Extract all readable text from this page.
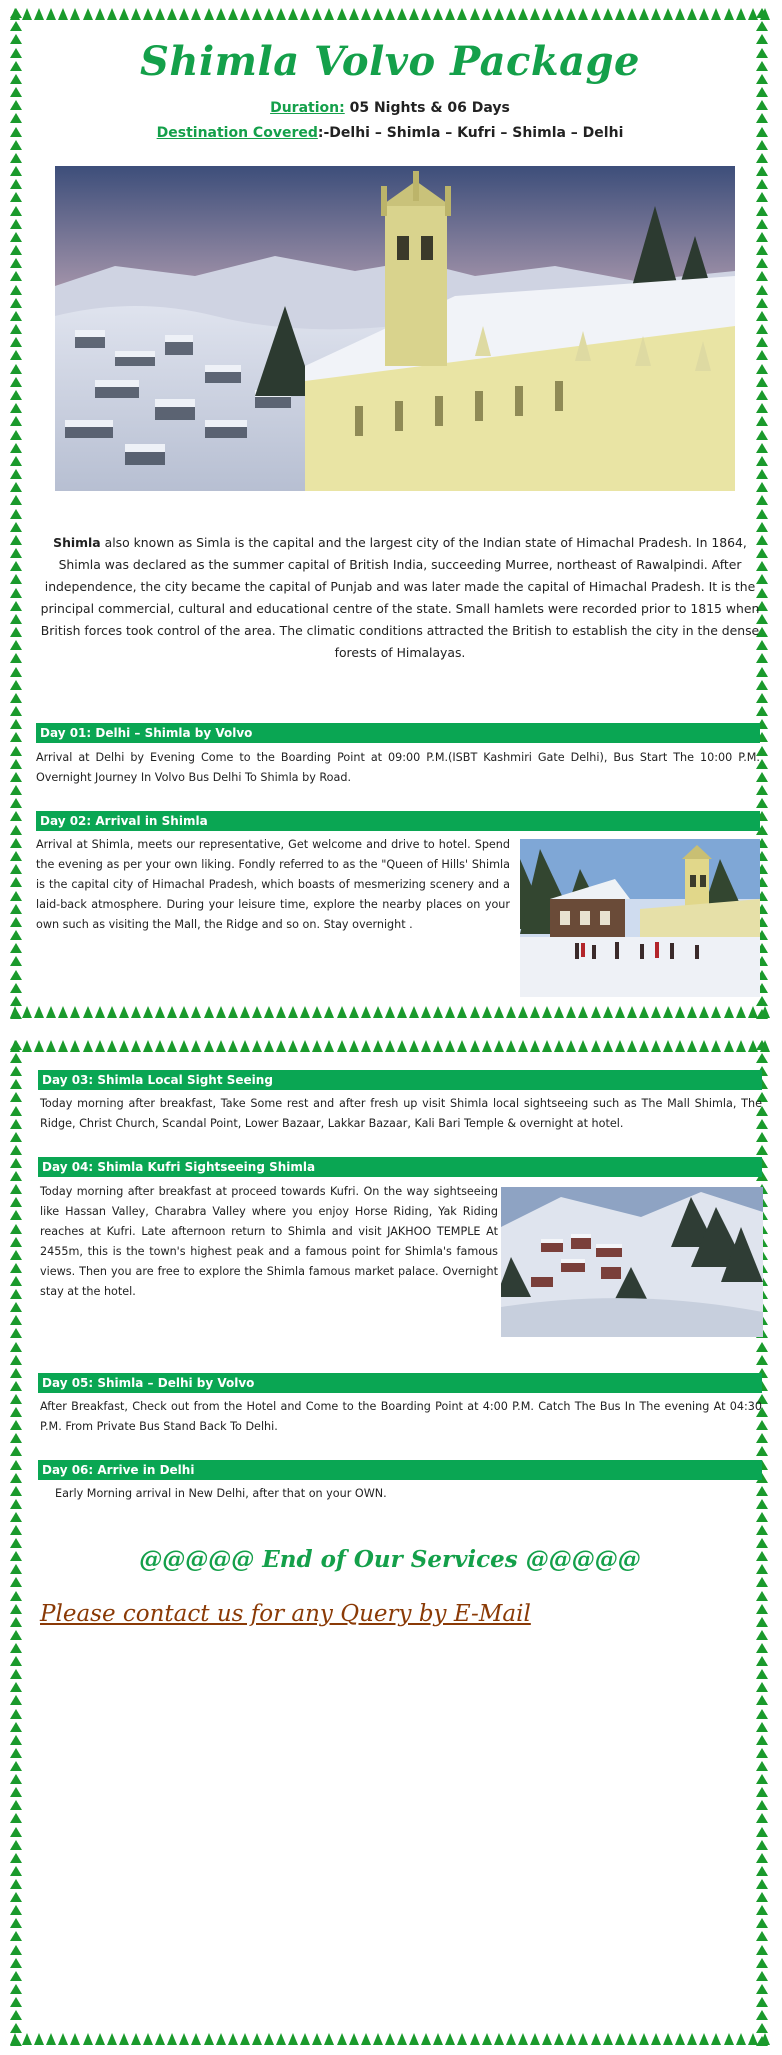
Shimla Volvo Package
Duration: 05 Nights & 06 Days
Destination Covered:-Delhi – Shimla – Kufri – Shimla – Delhi
Shimla also known as Simla is the capital and the largest city of the Indian state of Himachal Pradesh. In 1864, Shimla was declared as the summer capital of British India, succeeding Murree, northeast of Rawalpindi. After independence, the city became the capital of Punjab and was later made the capital of Himachal Pradesh. It is the principal commercial, cultural and educational centre of the state. Small hamlets were recorded prior to 1815 when British forces took control of the area. The climatic conditions attracted the British to establish the city in the dense forests of Himalayas.
Day 01: Delhi – Shimla by Volvo
Arrival at Delhi by Evening Come to the Boarding Point at 09:00 P.M.(ISBT Kashmiri Gate Delhi), Bus Start The 10:00 P.M. Overnight Journey In Volvo Bus Delhi To Shimla by Road.
Day 02: Arrival in Shimla
Arrival at Shimla, meets our representative, Get welcome and drive to hotel. Spend the evening as per your own liking. Fondly referred to as the "Queen of Hills' Shimla is the capital city of Himachal Pradesh, which boasts of mesmerizing scenery and a laid-back atmosphere. During your leisure time, explore the nearby places on your own such as visiting the Mall, the Ridge and so on. Stay overnight .
Day 03: Shimla Local Sight Seeing
Today morning after breakfast, Take Some rest and after fresh up visit Shimla local sightseeing such as The Mall Shimla, The Ridge, Christ Church, Scandal Point, Lower Bazaar, Lakkar Bazaar, Kali Bari Temple & overnight at hotel.
Day 04: Shimla Kufri Sightseeing Shimla
Today morning after breakfast at proceed towards Kufri. On the way sightseeing like Hassan Valley, Charabra Valley where you enjoy Horse Riding, Yak Riding reaches at Kufri. Late afternoon return to Shimla and visit JAKHOO TEMPLE At 2455m, this is the town's highest peak and a famous point for Shimla's famous views. Then you are free to explore the Shimla famous market palace. Overnight stay at the hotel.
Day 05: Shimla – Delhi by Volvo
After Breakfast, Check out from the Hotel and Come to the Boarding Point at 4:00 P.M. Catch The Bus In The evening At 04:30 P.M. From Private Bus Stand Back To Delhi.
Day 06: Arrive in Delhi
Early Morning arrival in New Delhi, after that on your OWN.
@@@@@ End of Our Services @@@@@
Please contact us for any Query by E-Mail
